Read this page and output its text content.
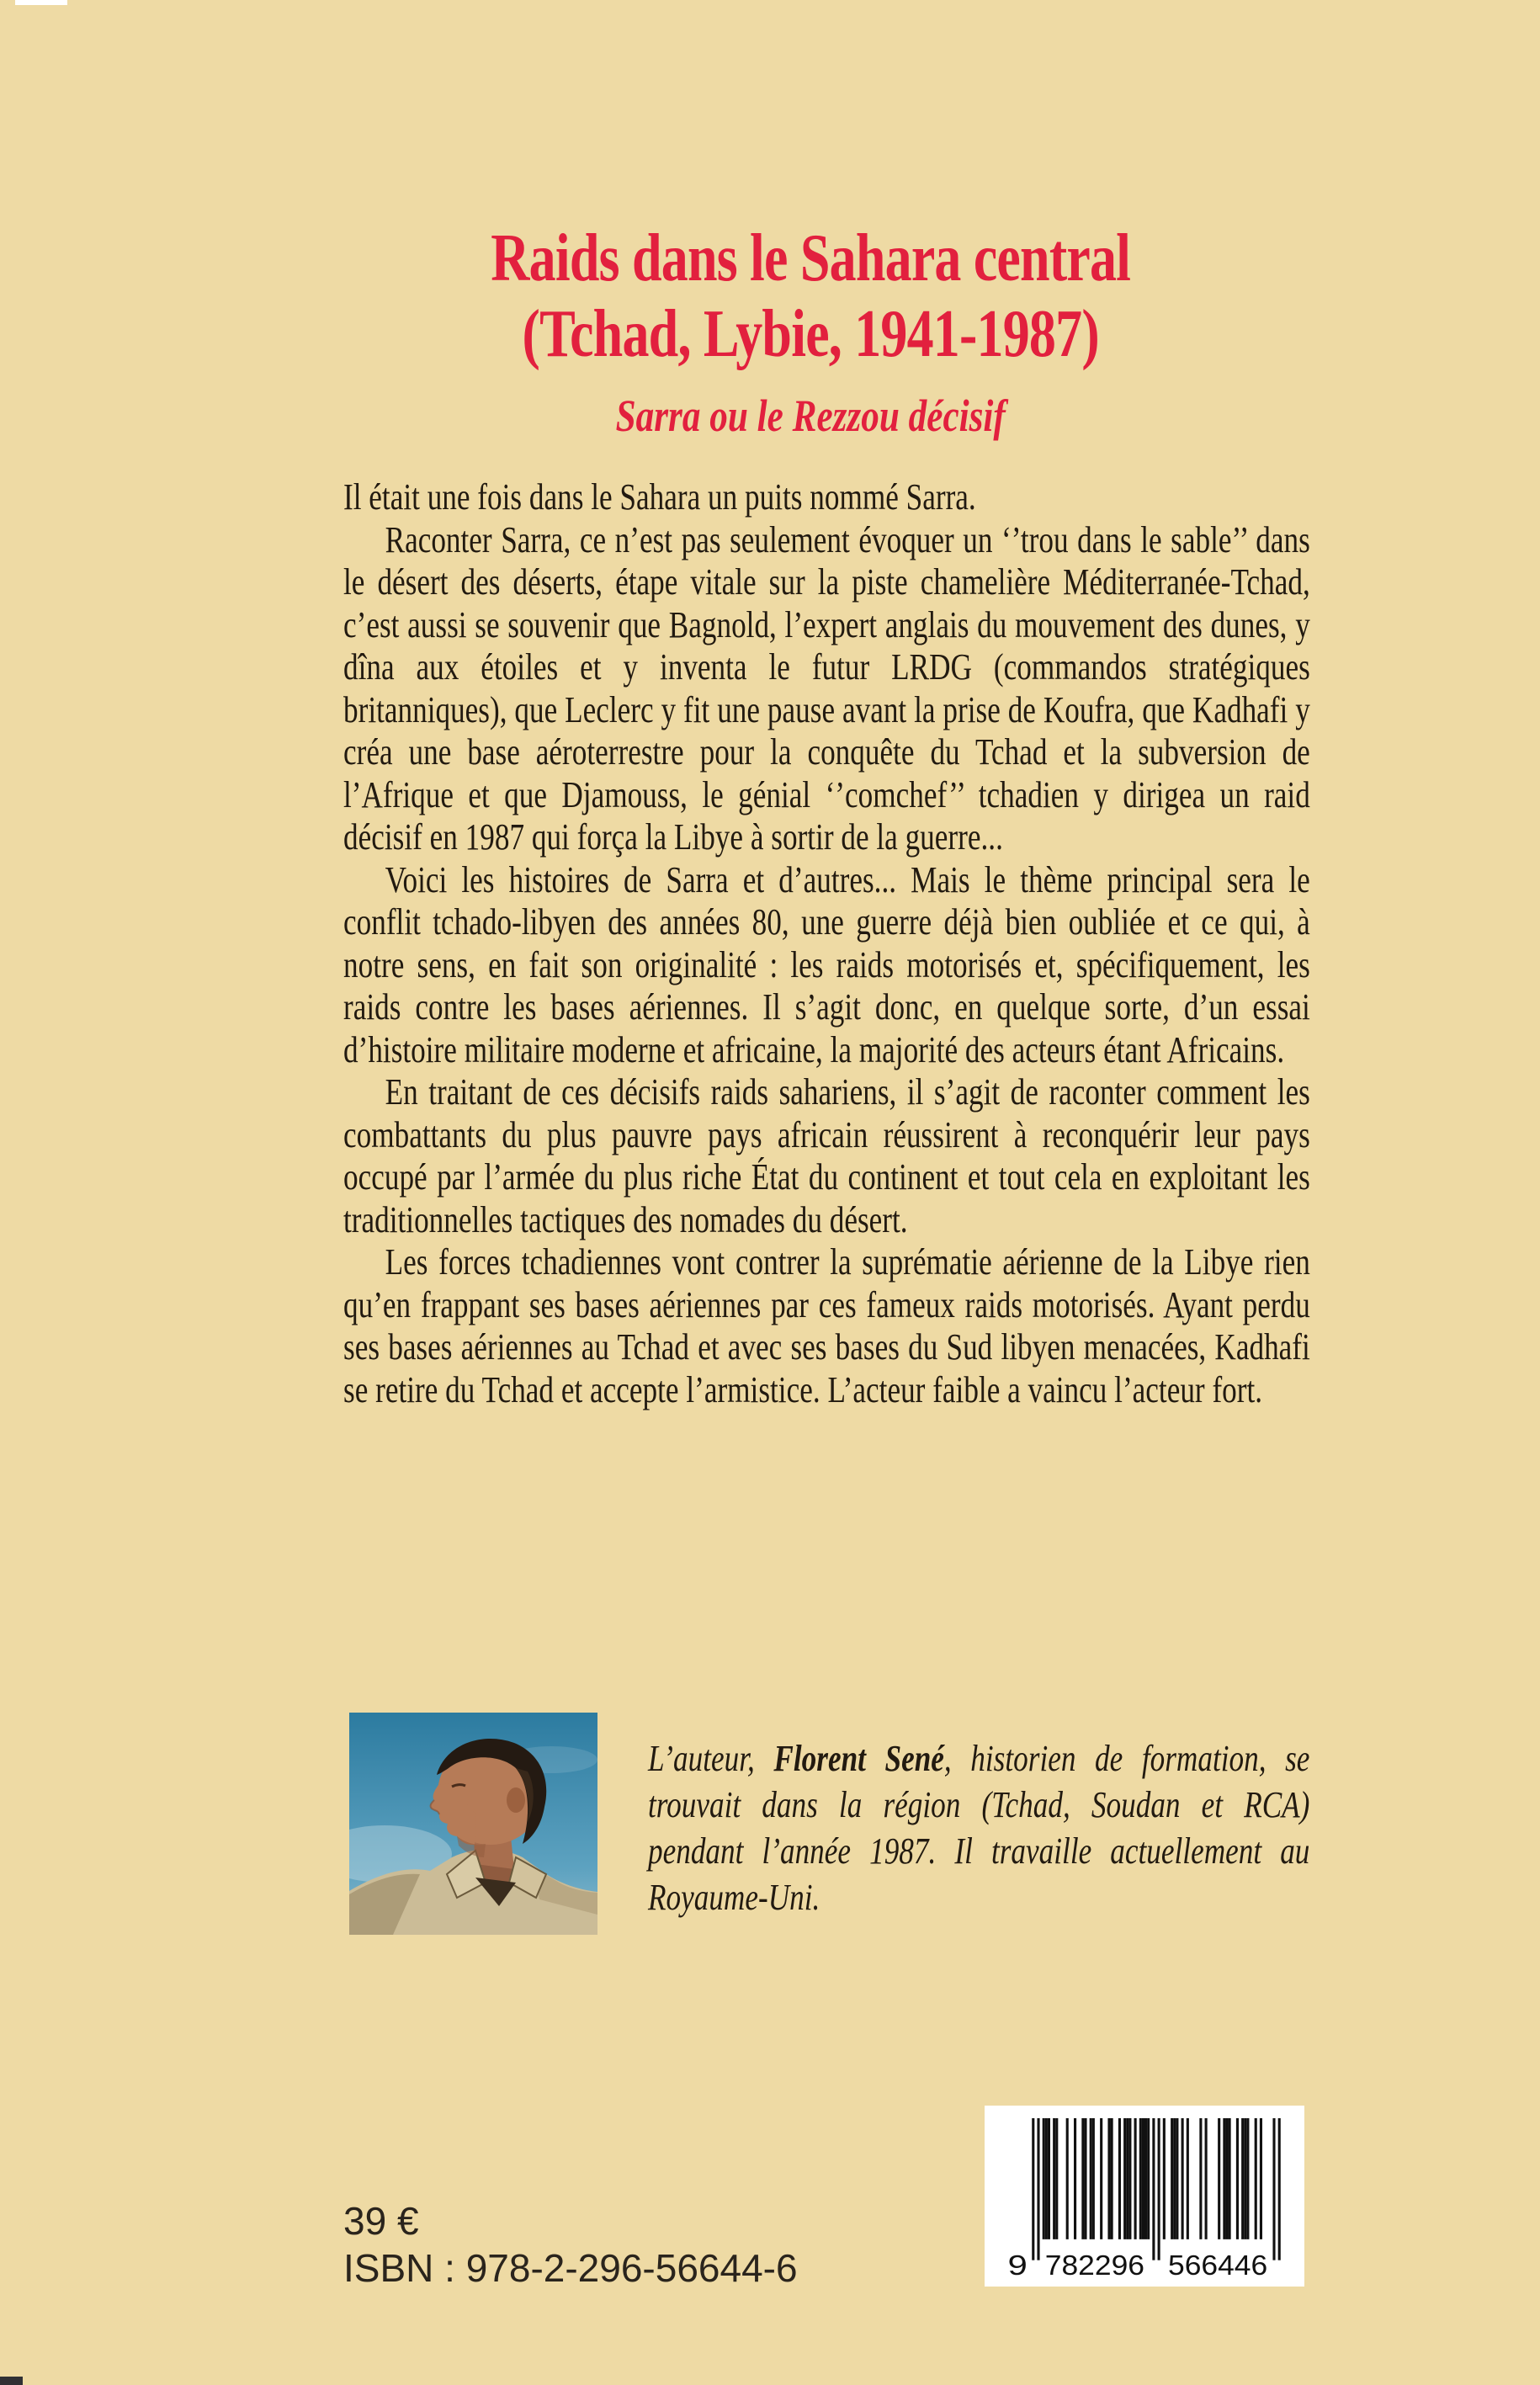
Raids dans le Sahara central
(Tchad, Lybie, 1941-1987)
Sarra ou le Rezzou décisif

Il était une fois dans le Sahara un puits nommé Sarra.

Raconter Sarra, ce n’est pas seulement évoquer un ‘’trou dans le sable’’ dans le désert des déserts, étape vitale sur la piste chamelière Méditerranée-Tchad, c’est aussi se souvenir que Bagnold, l’expert anglais du mouvement des dunes, y dîna aux étoiles et y inventa le futur LRDG (commandos stratégiques britanniques), que Leclerc y fit une pause avant la prise de Koufra, que Kadhafi y créa une base aéroterrestre pour la conquête du Tchad et la subversion de l’Afrique et que Djamouss, le génial ‘’comchef’’ tchadien y dirigea un raid décisif en 1987 qui força la Libye à sortir de la guerre...

Voici les histoires de Sarra et d’autres... Mais le thème principal sera le conflit tchado-libyen des années 80, une guerre déjà bien oubliée et ce qui, à notre sens, en fait son originalité : les raids motorisés et, spécifiquement, les raids contre les bases aériennes. Il s’agit donc, en quelque sorte, d’un essai d’histoire militaire moderne et africaine, la majorité des acteurs étant Africains.

En traitant de ces décisifs raids sahariens, il s’agit de raconter comment les combattants du plus pauvre pays africain réussirent à reconquérir leur pays occupé par l’armée du plus riche État du continent et tout cela en exploitant les traditionnelles tactiques des nomades du désert.

Les forces tchadiennes vont contrer la suprématie aérienne de la Libye rien qu’en frappant ses bases aériennes par ces fameux raids motorisés. Ayant perdu ses bases aériennes au Tchad et avec ses bases du Sud libyen menacées, Kadhafi se retire du Tchad et accepte l’armistice. L’acteur faible a vaincu l’acteur fort.

L’auteur, Florent Sené, historien de formation, se trouvait dans la région (Tchad, Soudan et RCA) pendant l’année 1987. Il travaille actuellement au Royaume-Uni.
39 €
ISBN : 978-2-296-56644-6	9 782296 566446
